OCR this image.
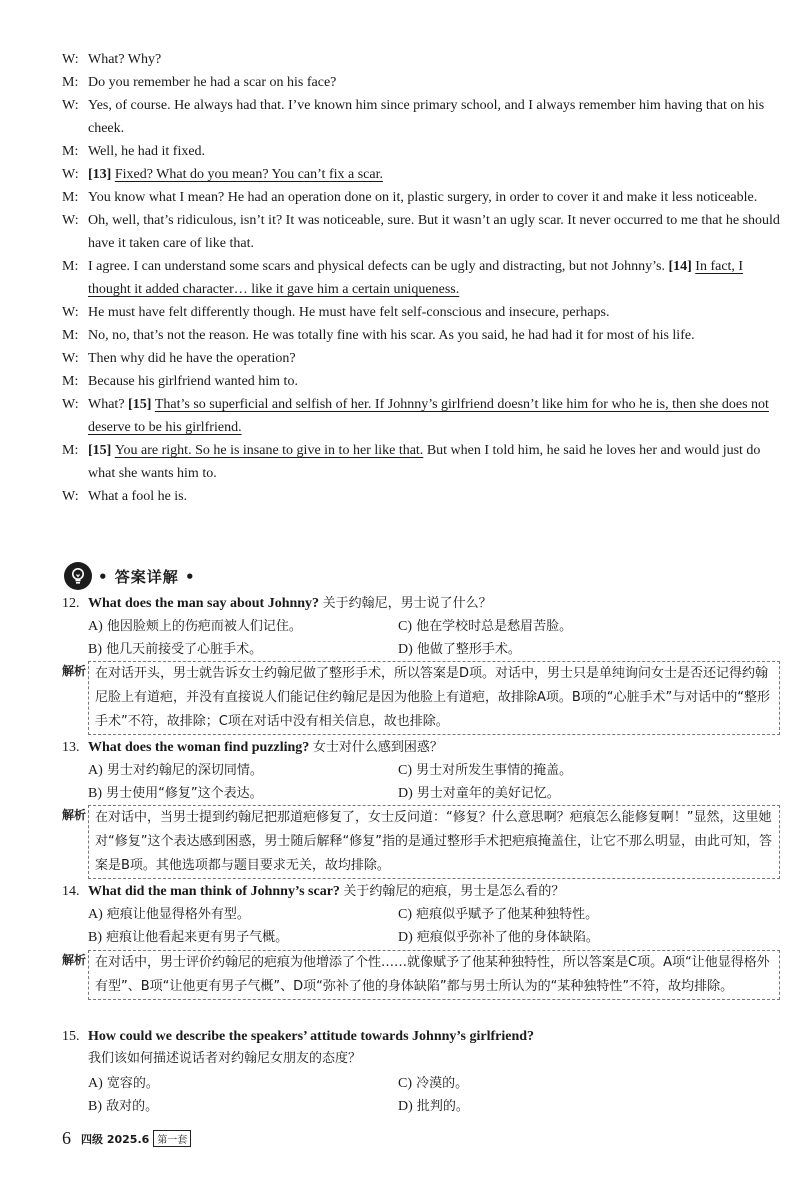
W: What? Why?
M: Do you remember he had a scar on his face?
W: Yes, of course. He always had that. I’ve known him since primary school, and I always remember him having that on his cheek.
M: Well, he had it fixed.
W: [13] Fixed? What do you mean? You can’t fix a scar.
M: You know what I mean? He had an operation done on it, plastic surgery, in order to cover it and make it less noticeable.
W: Oh, well, that’s ridiculous, isn’t it? It was noticeable, sure. But it wasn’t an ugly scar. It never occurred to me that he should have it taken care of like that.
M: I agree. I can understand some scars and physical defects can be ugly and distracting, but not Johnny’s. [14] In fact, I thought it added character… like it gave him a certain uniqueness.
W: He must have felt differently though. He must have felt self-conscious and insecure, perhaps.
M: No, no, that’s not the reason. He was totally fine with his scar. As you said, he had had it for most of his life.
W: Then why did he have the operation?
M: Because his girlfriend wanted him to.
W: What? [15] That’s so superficial and selfish of her. If Johnny’s girlfriend doesn’t like him for who he is, then she does not deserve to be his girlfriend.
M: [15] You are right. So he is insane to give in to her like that. But when I told him, he said he loves her and would just do what she wants him to.
W: What a fool he is.
• 答案详解 •
12. What does the man say about Johnny? 关于约翰尼，男士说了什么？
A) 他因脸颊上的伤疤而被人们记住。	C) 他在学校时总是愁眉苦脸。
B) 他几天前接受了心脏手术。	D) 他做了整形手术。
解析 在对话开头，男士就告诉女士约翰尼做了整形手术，所以答案是D项。对话中，男士只是单纯询问女士是否还记得约翰尼脸上有道疤，并没有直接说人们能记住约翰尼是因为他脸上有道疤，故排除A项。B项的“心脏手术”与对话中的“整形手术”不符，故排除；C项在对话中没有相关信息，故也排除。
13. What does the woman find puzzling? 女士对什么感到困惑？
A) 男士对约翰尼的深切同情。	C) 男士对所发生事情的掩盖。
B) 男士使用“修复”这个表达。	D) 男士对童年的美好记忆。
解析 在对话中，当男士提到约翰尼把那道疤修复了，女士反问道：“修复？什么意思啊？疤痕怎么能修复啊！”显然，这里她对“修复”这个表达感到困惑，男士随后解释“修复”指的是通过整形手术把疤痕掩盖住，让它不那么明显，由此可知，答案是B项。其他选项都与题目要求无关，故均排除。
14. What did the man think of Johnny’s scar? 关于约翰尼的疤痕，男士是怎么看的？
A) 疤痕让他显得格外有型。	C) 疤痕似乎赋予了他某种独特性。
B) 疤痕让他看起来更有男子气概。	D) 疤痕似乎弥补了他的身体缺陷。
解析 在对话中，男士评价约翰尼的疤痕为他增添了个性……就像赋予了他某种独特性，所以答案是C项。A项“让他显得格外有型”、B项“让他更有男子气概”、D项“弥补了他的身体缺陷”都与男士所认为的“某种独特性”不符，故均排除。
15. How could we describe the speakers’ attitude towards Johnny’s girlfriend?
我们该如何描述说话者对约翰尼女朋友的态度？
A) 宽容的。	C) 冷漠的。
B) 敌对的。	D) 批判的。
6 四级 2025.6 第一套
